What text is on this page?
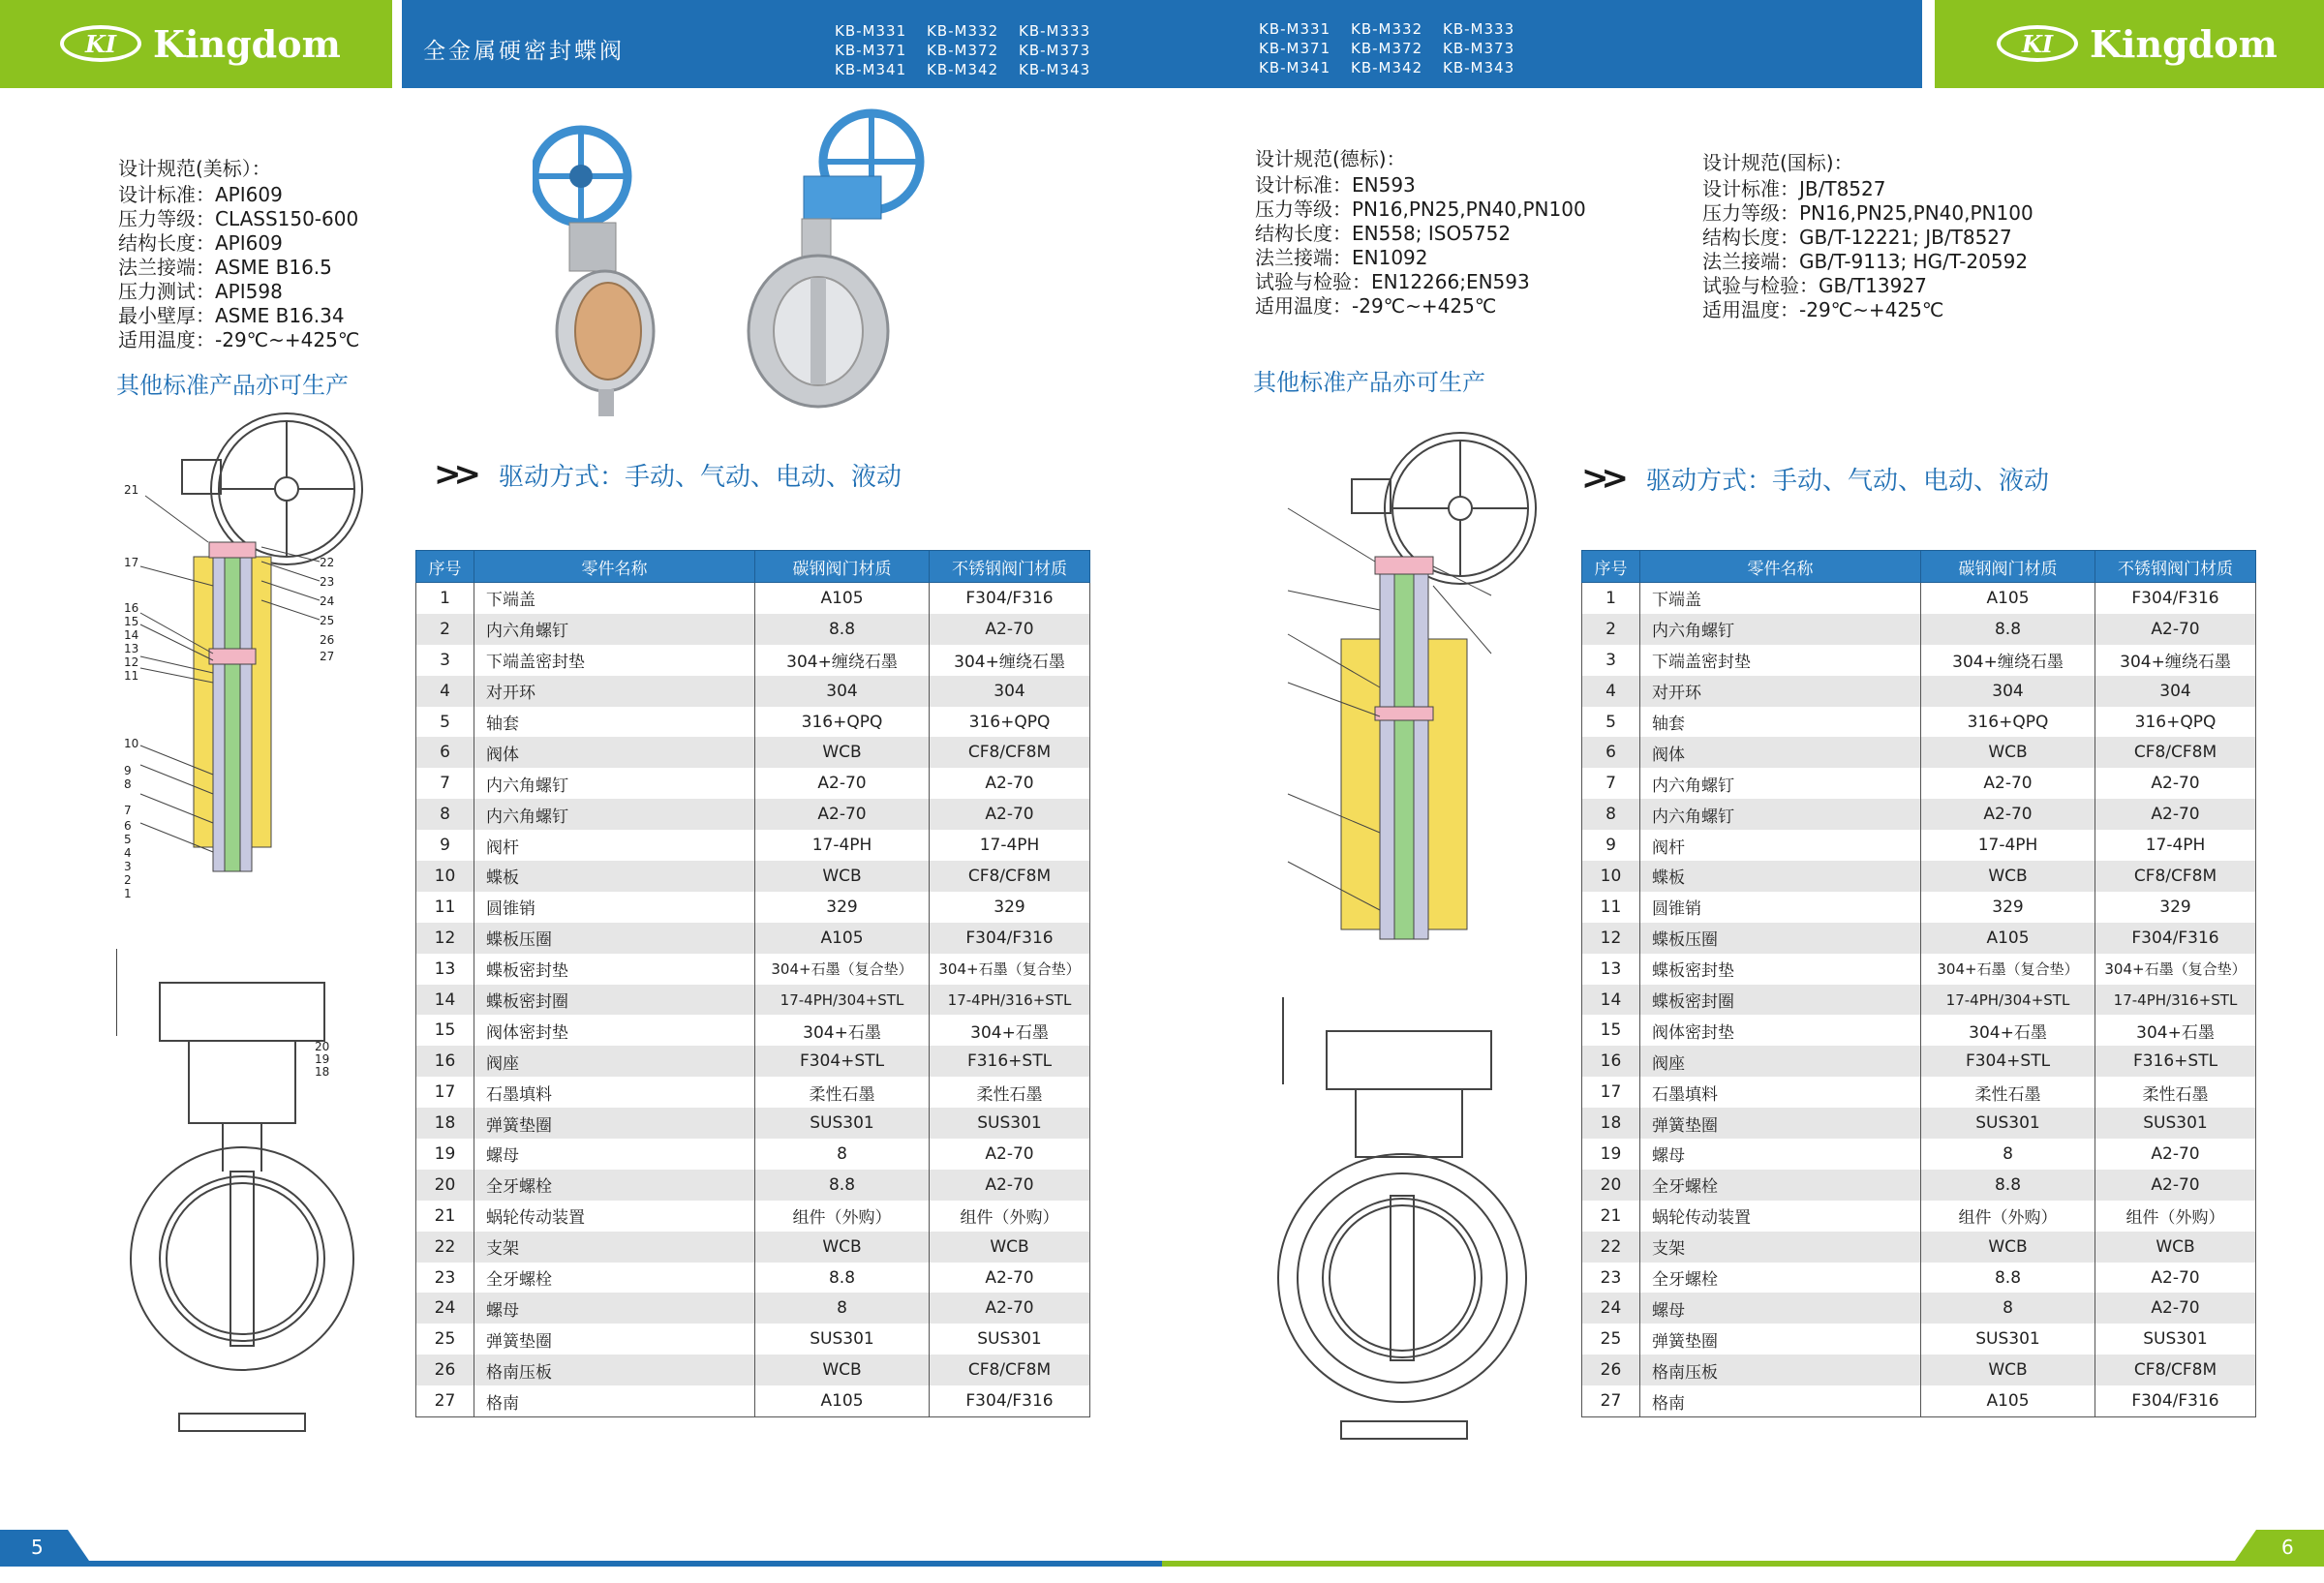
KI Kingdom	KI Kingdom
全金属硬密封蝶阀
KB-M331 KB-M332 KB-M333
KB-M371 KB-M372 KB-M373
KB-M341 KB-M342 KB-M343
KB-M331 KB-M332 KB-M333
KB-M371 KB-M372 KB-M373
KB-M341 KB-M342 KB-M343
设计规范(美标）：
设计标准：API609
压力等级：CLASS150-600
结构长度：API609
法兰接端：ASME B16.5
压力测试：API598
最小壁厚：ASME B16.34
适用温度：-29℃~+425℃
其他标准产品亦可生产
设计规范(德标)：
设计标准：EN593
压力等级：PN16,PN25,PN40,PN100
结构长度：EN558; ISO5752
法兰接端：EN1092
试验与检验：EN12266;EN593
适用温度：-29℃~+425℃
设计规范(国标)：
设计标准：JB/T8527
压力等级：PN16,PN25,PN40,PN100
结构长度：GB/T-12221; JB/T8527
法兰接端：GB/T-9113; HG/T-20592
试验与检验：GB/T13927
适用温度：-29℃~+425℃
其他标准产品亦可生产
>> 驱动方式：手动、气动、电动、液动	>> 驱动方式：手动、气动、电动、液动
21
17
16
15
14
13
12
11
10
9
8
7
6
5
4
3
2
1
22
23
24
25
26
27
20
19
18
序号	零件名称	碳钢阀门材质	不锈钢阀门材质
1	下端盖	A105	F304/F316
2	内六角螺钉	8.8	A2-70
3	下端盖密封垫	304+缠绕石墨	304+缠绕石墨
4	对开环	304	304
5	轴套	316+QPQ	316+QPQ
6	阀体	WCB	CF8/CF8M
7	内六角螺钉	A2-70	A2-70
8	内六角螺钉	A2-70	A2-70
9	阀杆	17-4PH	17-4PH
10	蝶板	WCB	CF8/CF8M
11	圆锥销	329	329
12	蝶板压圈	A105	F304/F316
13	蝶板密封垫	304+石墨（复合垫）	304+石墨（复合垫）
14	蝶板密封圈	17-4PH/304+STL	17-4PH/316+STL
15	阀体密封垫	304+石墨	304+石墨
16	阀座	F304+STL	F316+STL
17	石墨填料	柔性石墨	柔性石墨
18	弹簧垫圈	SUS301	SUS301
19	螺母	8	A2-70
20	全牙螺栓	8.8	A2-70
21	蜗轮传动装置	组件（外购）	组件（外购）
22	支架	WCB	WCB
23	全牙螺栓	8.8	A2-70
24	螺母	8	A2-70
25	弹簧垫圈	SUS301	SUS301
26	格南压板	WCB	CF8/CF8M
27	格南	A105	F304/F316
序号	零件名称	碳钢阀门材质	不锈钢阀门材质
1	下端盖	A105	F304/F316
2	内六角螺钉	8.8	A2-70
3	下端盖密封垫	304+缠绕石墨	304+缠绕石墨
4	对开环	304	304
5	轴套	316+QPQ	316+QPQ
6	阀体	WCB	CF8/CF8M
7	内六角螺钉	A2-70	A2-70
8	内六角螺钉	A2-70	A2-70
9	阀杆	17-4PH	17-4PH
10	蝶板	WCB	CF8/CF8M
11	圆锥销	329	329
12	蝶板压圈	A105	F304/F316
13	蝶板密封垫	304+石墨（复合垫）	304+石墨（复合垫）
14	蝶板密封圈	17-4PH/304+STL	17-4PH/316+STL
15	阀体密封垫	304+石墨	304+石墨
16	阀座	F304+STL	F316+STL
17	石墨填料	柔性石墨	柔性石墨
18	弹簧垫圈	SUS301	SUS301
19	螺母	8	A2-70
20	全牙螺栓	8.8	A2-70
21	蜗轮传动装置	组件（外购）	组件（外购）
22	支架	WCB	WCB
23	全牙螺栓	8.8	A2-70
24	螺母	8	A2-70
25	弹簧垫圈	SUS301	SUS301
26	格南压板	WCB	CF8/CF8M
27	格南	A105	F304/F316
5	6
